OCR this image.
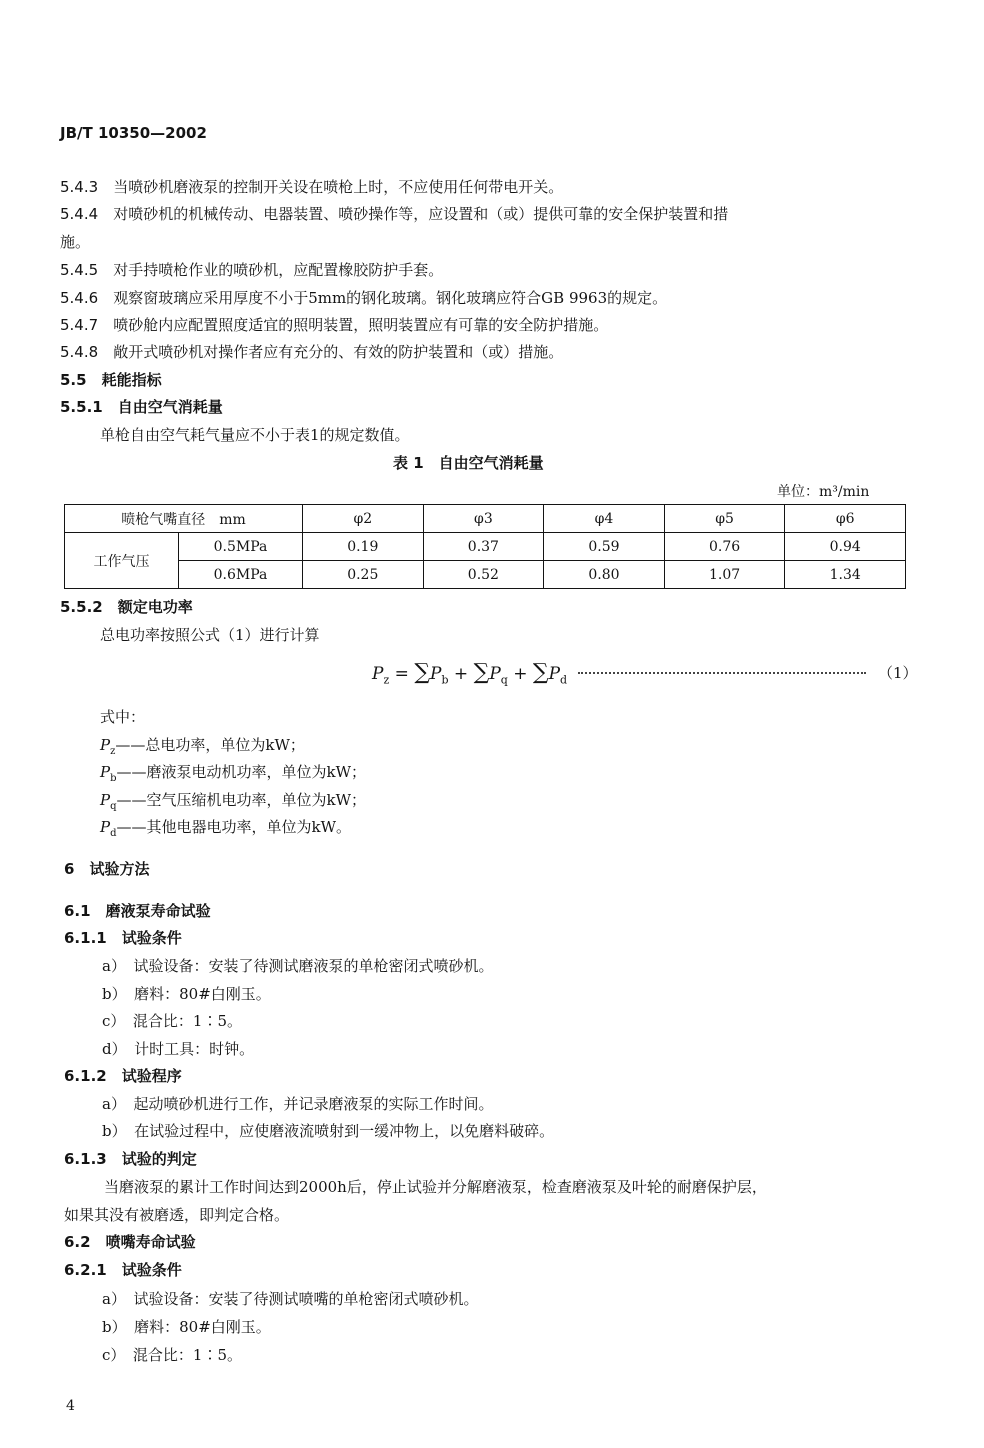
JB/T 10350—2002
5.4.3　 当喷砂机磨液泵的控制开关设在喷枪上时，不应使用任何带电开关。
5.4.4　 对喷砂机的机械传动、电器装置、喷砂操作等，应设置和（或）提供可靠的安全保护装置和措
施。
5.4.5　 对手持喷枪作业的喷砂机，应配置橡胶防护手套。
5.4.6　 观察窗玻璃应采用厚度不小于5mm的钢化玻璃。钢化玻璃应符合GB 9963的规定。
5.4.7　 喷砂舱内应配置照度适宜的照明装置，照明装置应有可靠的安全防护措施。
5.4.8　 敞开式喷砂机对操作者应有充分的、有效的防护装置和（或）措施。
5.5　 耗能指标
5.5.1　 自由空气消耗量
单枪自由空气耗气量应不小于表1的规定数值。
表 1　自由空气消耗量
单位：m³/min
喷枪气嘴直径　mm		φ2	φ3	φ4	φ5	φ6
工作气压	0.5MPa	0.19	0.37	0.59	0.76	0.94
	0.6MPa	0.25	0.52	0.80	1.07	1.34
5.5.2　 额定电功率
总电功率按照公式（1）进行计算
$P_z = \sum P_b + \sum P_q + \sum P_d$	（1）
式中：
$P_z——$总电功率，单位为kW；
$P_b——$磨液泵电动机功率，单位为kW；
$P_q——$空气压缩机电功率，单位为kW；
$P_d——$其他电器电功率，单位为kW。
6　 试验方法
6.1　 磨液泵寿命试验
6.1.1　 试验条件
a）　 试验设备：安装了待测试磨液泵的单枪密闭式喷砂机。
b）　 磨料：80#白刚玉。
c）　 混合比：1∶5。
d）　 计时工具：时钟。
6.1.2　 试验程序
a）　 起动喷砂机进行工作，并记录磨液泵的实际工作时间。
b）　 在试验过程中，应使磨液流喷射到一缓冲物上，以免磨料破碎。
6.1.3　 试验的判定
当磨液泵的累计工作时间达到2000h后，停止试验并分解磨液泵，检查磨液泵及叶轮的耐磨保护层，
如果其没有被磨透，即判定合格。
6.2　 喷嘴寿命试验
6.2.1　 试验条件
a）　 试验设备：安装了待测试喷嘴的单枪密闭式喷砂机。
b）　 磨料：80#白刚玉。
c）　 混合比：1∶5。
4
